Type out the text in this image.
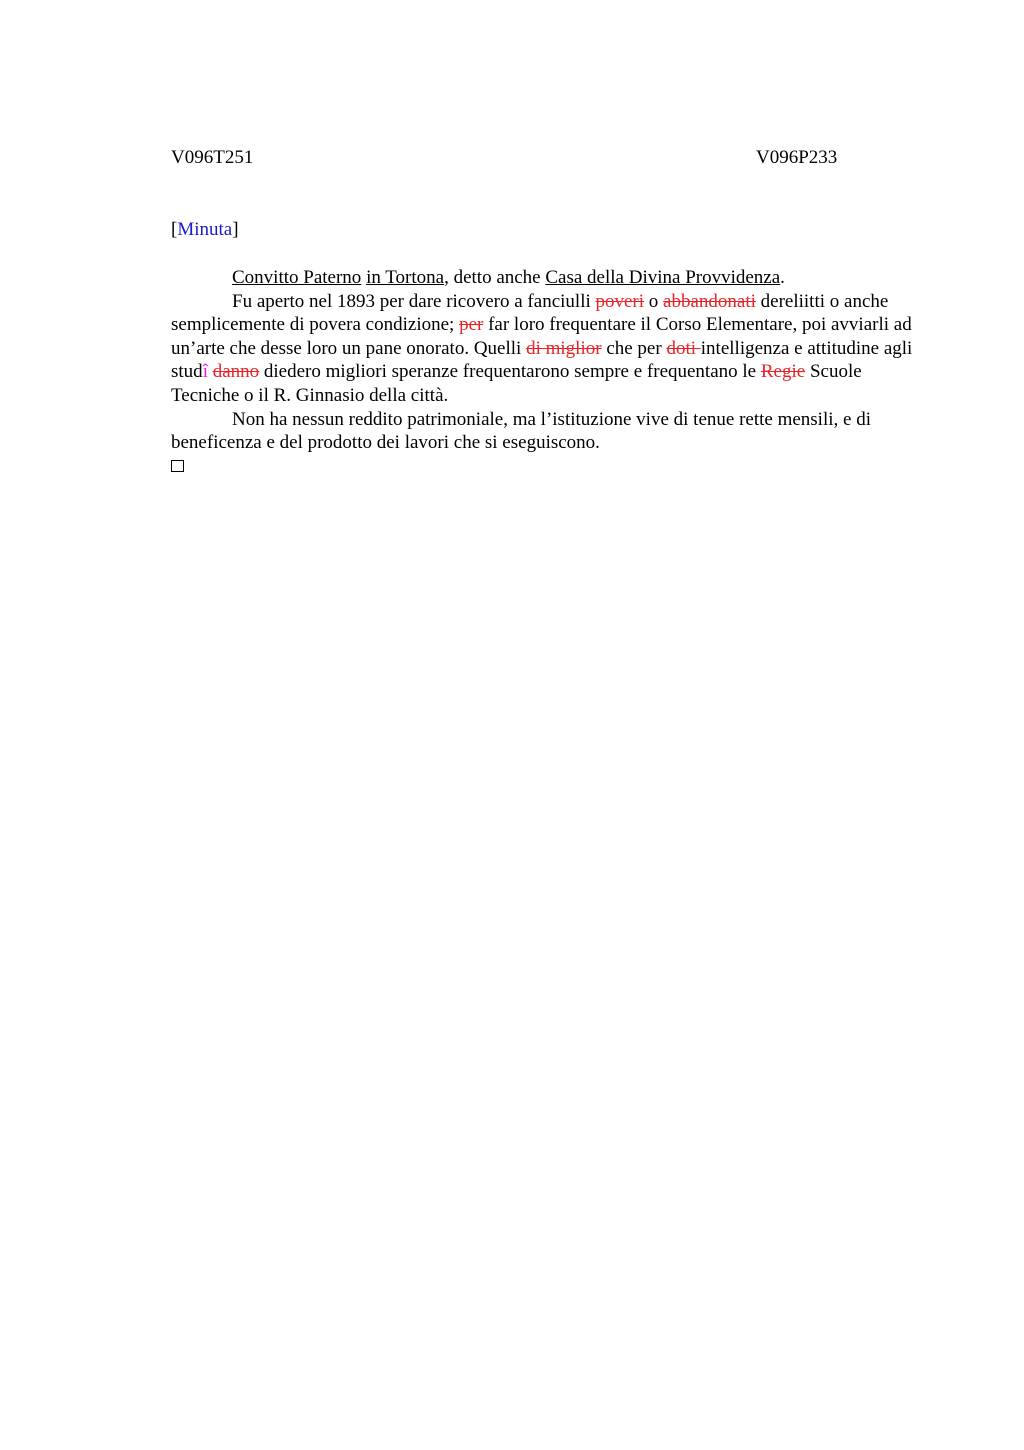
V096T251	V096P233
[Minuta]

Convitto Paterno in Tortona, detto anche Casa della Divina Provvidenza.

Fu aperto nel 1893 per dare ricovero a fanciulli poveri o abbandonati dereliitti o anche semplicemente di povera condizione; per far loro frequentare il Corso Elementare, poi avviarli ad un’arte che desse loro un pane onorato. Quelli di miglior che per doti intelligenza e attitudine agli studî danno diedero migliori speranze frequentarono sempre e frequentano le Regie Scuole Tecniche o il R. Ginnasio della città.

Non ha nessun reddito patrimoniale, ma l’istituzione vive di tenue rette mensili, e di beneficenza e del prodotto dei lavori che si eseguiscono.
